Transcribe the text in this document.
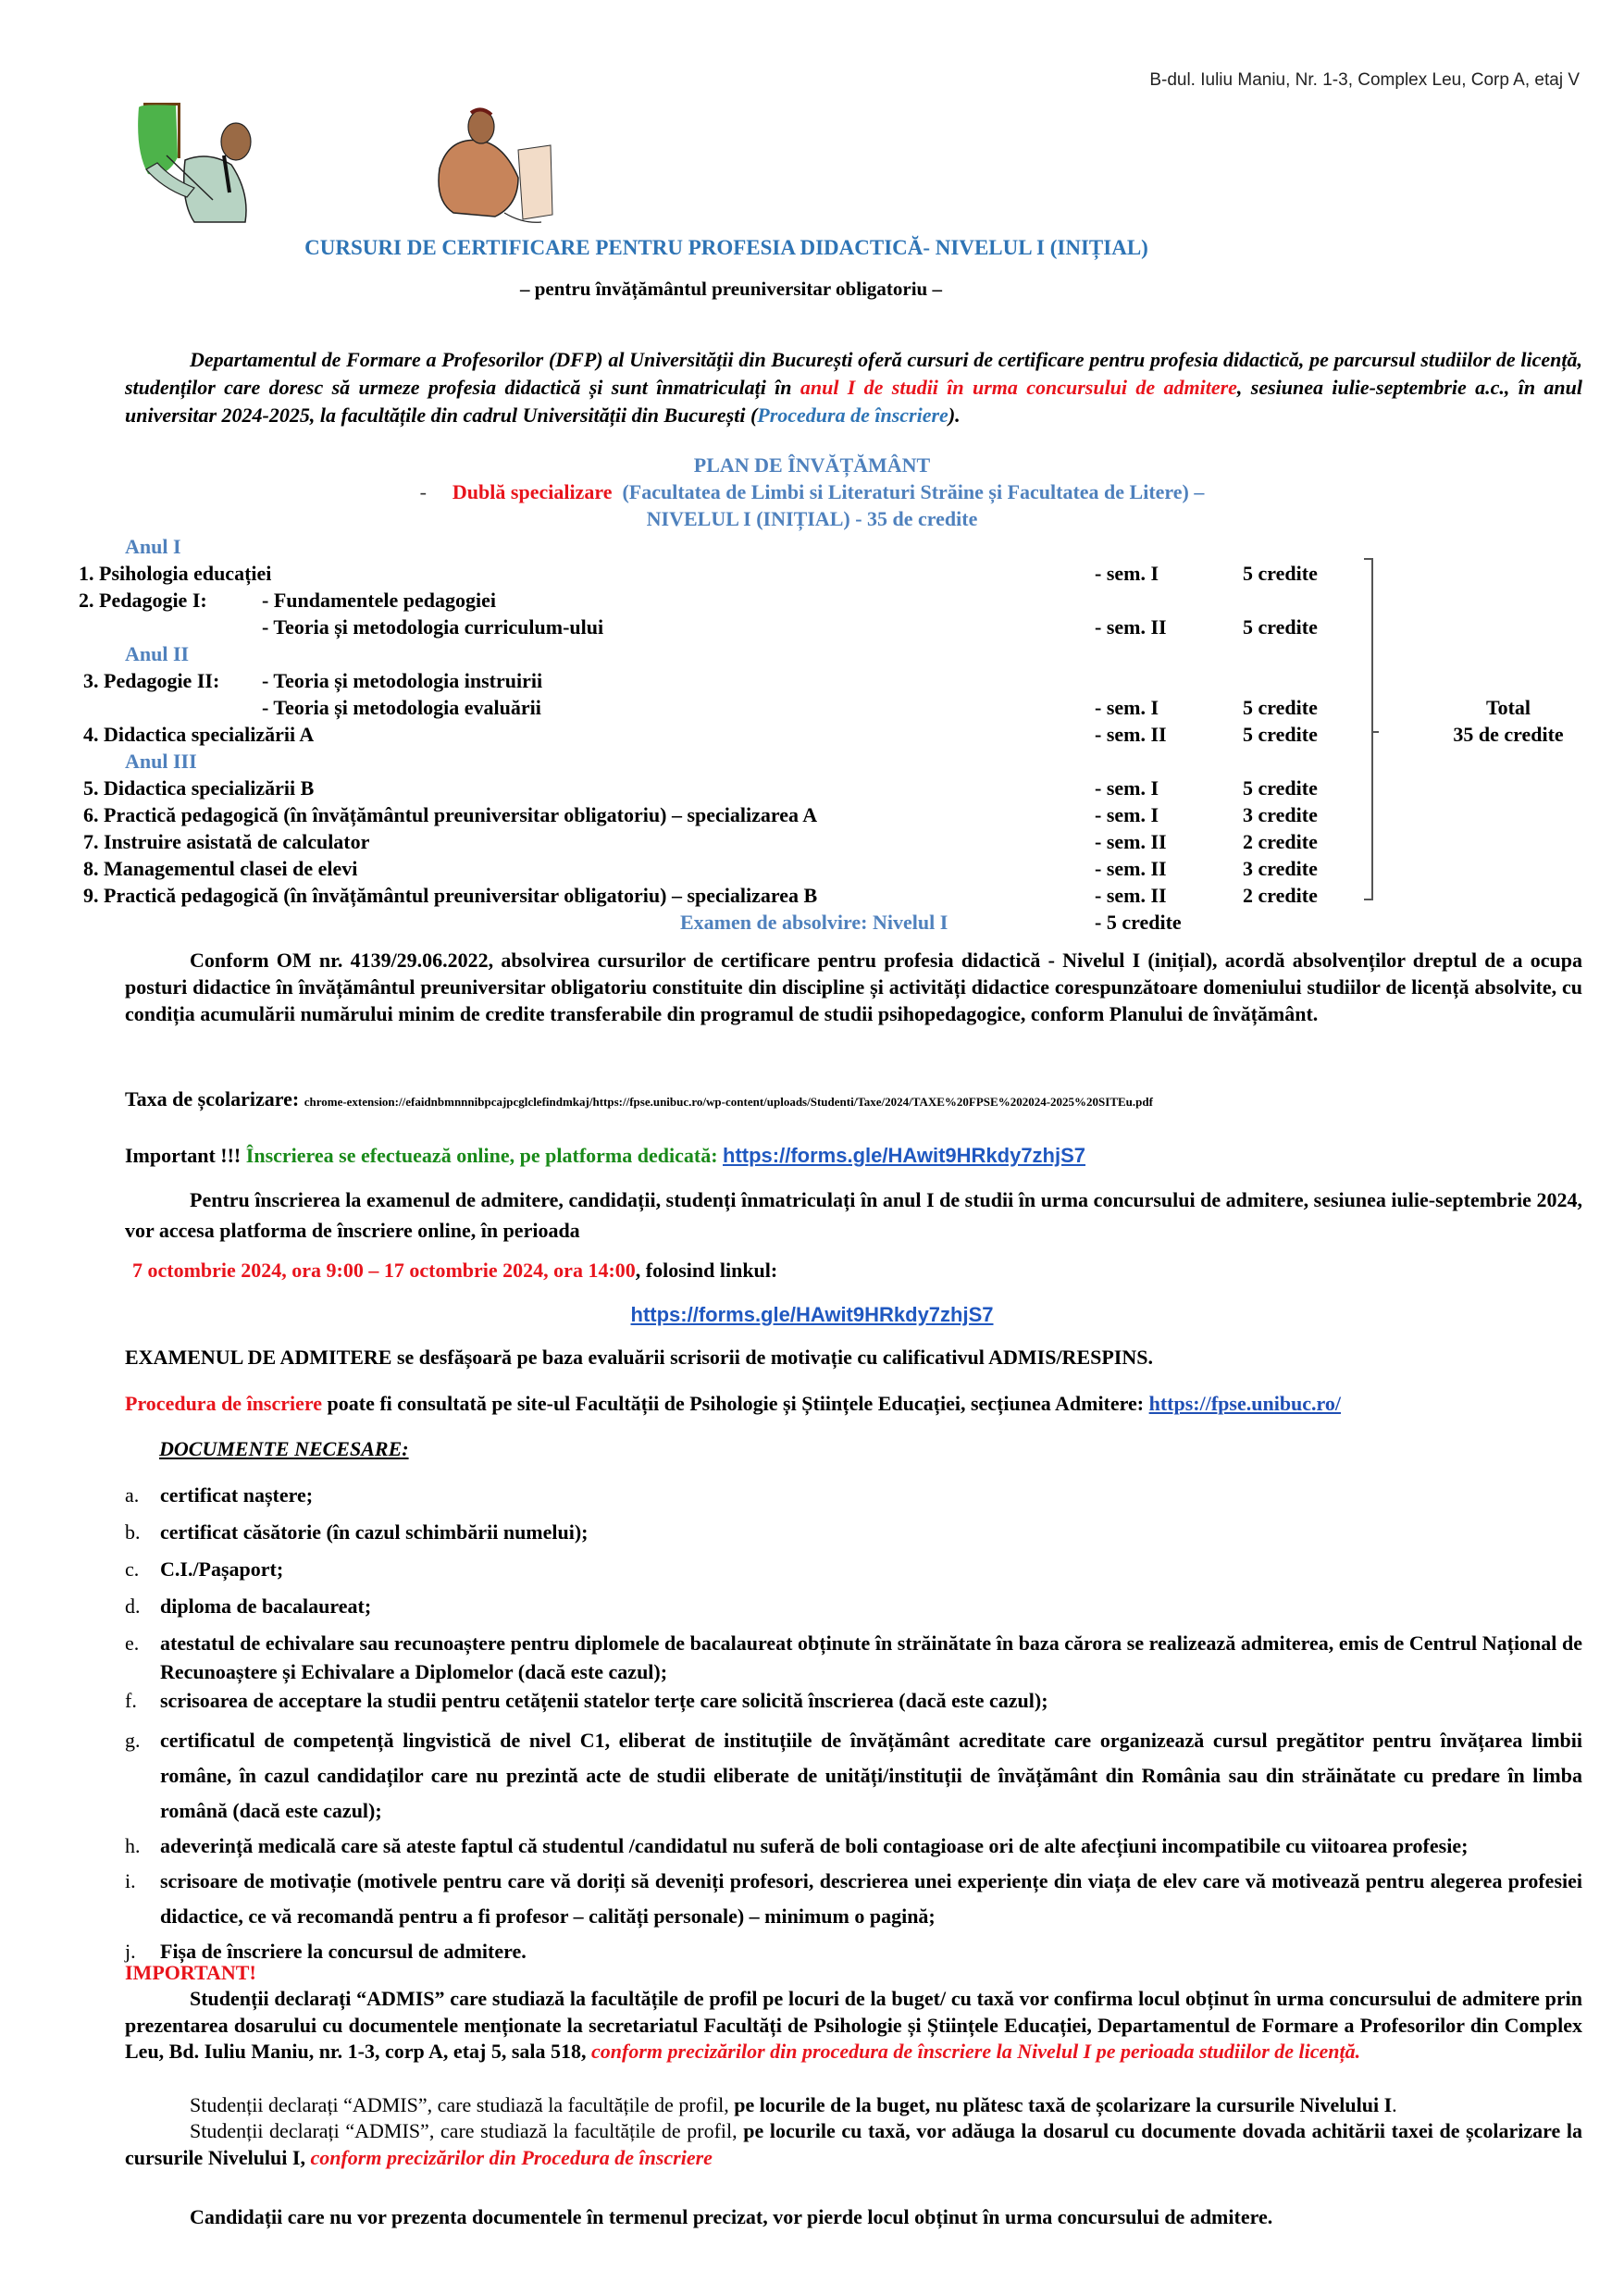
B-dul. Iuliu Maniu, Nr. 1-3, Complex Leu, Corp A, etaj V
CURSURI DE CERTIFICARE PENTRU PROFESIA DIDACTICĂ- NIVELUL I (INIȚIAL)
– pentru învățământul preuniversitar obligatoriu –
Departamentul de Formare a Profesorilor (DFP) al Universității din București oferă cursuri de certificare pentru profesia didactică, pe parcursul studiilor de licență, studenților care doresc să urmeze profesia didactică și sunt înmatriculați în anul I de studii în urma concursului de admitere, sesiunea iulie-septembrie a.c., în anul universitar 2024-2025, la facultățile din cadrul Universității din București (Procedura de înscriere).
PLAN DE ÎNVĂȚĂMÂNT
- Dublă specializare (Facultatea de Limbi si Literaturi Străine și Facultatea de Litere) –
NIVELUL I (INIȚIAL) - 35 de credite
Anul I
Anul II
Anul III
1. Psihologia educației	- sem. I	5 credite
2. Pedagogie I:	- Fundamentele pedagogiei
- Teoria și metodologia curriculum-ului	- sem. II	5 credite
3. Pedagogie II: - Teoria și metodologia instruirii
- Teoria și metodologia evaluării	- sem. I	5 credite
4. Didactica specializării A	- sem. II	5 credite
5. Didactica specializării B	- sem. I	5 credite
6. Practică pedagogică (în învățământul preuniversitar obligatoriu) – specializarea A	- sem. I	3 credite
7. Instruire asistată de calculator	- sem. II	2 credite
8. Managementul clasei de elevi	- sem. II	3 credite
9. Practică pedagogică (în învățământul preuniversitar obligatoriu) – specializarea B	- sem. II	2 credite
Examen de absolvire: Nivelul I	- 5 credite
Total
35 de credite
Conform OM nr. 4139/29.06.2022, absolvirea cursurilor de certificare pentru profesia didactică - Nivelul I (inițial), acordă absolvenților dreptul de a ocupa posturi didactice în învățământul preuniversitar obligatoriu constituite din discipline și activități didactice corespunzătoare domeniului studiilor de licență absolvite, cu condiția acumulării numărului minim de credite transferabile din programul de studii psihopedagogice, conform Planului de învățământ.
Taxa de școlarizare: chrome-extension://efaidnbmnnnibpcajpcglclefindmkaj/https://fpse.unibuc.ro/wp-content/uploads/Studenti/Taxe/2024/TAXE%20FPSE%202024-2025%20SITEu.pdf
Important !!! Înscrierea se efectuează online, pe platforma dedicată: https://forms.gle/HAwit9HRkdy7zhjS7
Pentru înscrierea la examenul de admitere, candidații, studenți înmatriculați în anul I de studii în urma concursului de admitere, sesiunea iulie-septembrie 2024, vor accesa platforma de înscriere online, în perioada
7 octombrie 2024, ora 9:00 – 17 octombrie 2024, ora 14:00, folosind linkul:
https://forms.gle/HAwit9HRkdy7zhjS7
EXAMENUL DE ADMITERE se desfășoară pe baza evaluării scrisorii de motivație cu calificativul ADMIS/RESPINS.
Procedura de înscriere poate fi consultată pe site-ul Facultății de Psihologie și Științele Educației, secțiunea Admitere: https://fpse.unibuc.ro/
DOCUMENTE NECESARE:
a.	certificat naștere;
b. certificat căsătorie (în cazul schimbării numelui);
c.	C.I./Pașaport;
d. diploma de bacalaureat;
e.	atestatul de echivalare sau recunoaștere pentru diplomele de bacalaureat obținute în străinătate în baza cărora se realizează admiterea, emis de Centrul Național de Recunoaștere și Echivalare a Diplomelor (dacă este cazul);
f.	scrisoarea de acceptare la studii pentru cetățenii statelor terțe care solicită înscrierea (dacă este cazul);
g. certificatul de competență lingvistică de nivel C1, eliberat de instituțiile de învățământ acreditate care organizează cursul pregătitor pentru învățarea limbii române, în cazul candidaților care nu prezintă acte de studii eliberate de unități/instituții de învățământ din România sau din străinătate cu predare în limba română (dacă este cazul);
h. adeverință medicală care să ateste faptul că studentul /candidatul nu suferă de boli contagioase ori de alte afecțiuni incompatibile cu viitoarea profesie;
i.	scrisoare de motivație (motivele pentru care vă doriți să deveniți profesori, descrierea unei experiențe din viața de elev care vă motivează pentru alegerea profesiei didactice, ce vă recomandă pentru a fi profesor – calități personale) – minimum o pagină;
j.	Fișa de înscriere la concursul de admitere.
IMPORTANT!
Studenții declarați “ADMIS” care studiază la facultățile de profil pe locuri de la buget/ cu taxă vor confirma locul obținut în urma concursului de admitere prin prezentarea dosarului cu documentele menționate la secretariatul Facultăți de Psihologie și Științele Educației, Departamentul de Formare a Profesorilor din Complex Leu, Bd. Iuliu Maniu, nr. 1-3, corp A, etaj 5, sala 518, conform precizărilor din procedura de înscriere la Nivelul I pe perioada studiilor de licență.
Studenții declarați “ADMIS”, care studiază la facultățile de profil, pe locurile de la buget, nu plătesc taxă de școlarizare la cursurile Nivelului I.
Studenții declarați “ADMIS”, care studiază la facultățile de profil, pe locurile cu taxă, vor adăuga la dosarul cu documente dovada achitării taxei de școlarizare la cursurile Nivelului I, conform precizărilor din Procedura de înscriere
Candidații care nu vor prezenta documentele în termenul precizat, vor pierde locul obținut în urma concursului de admitere.
